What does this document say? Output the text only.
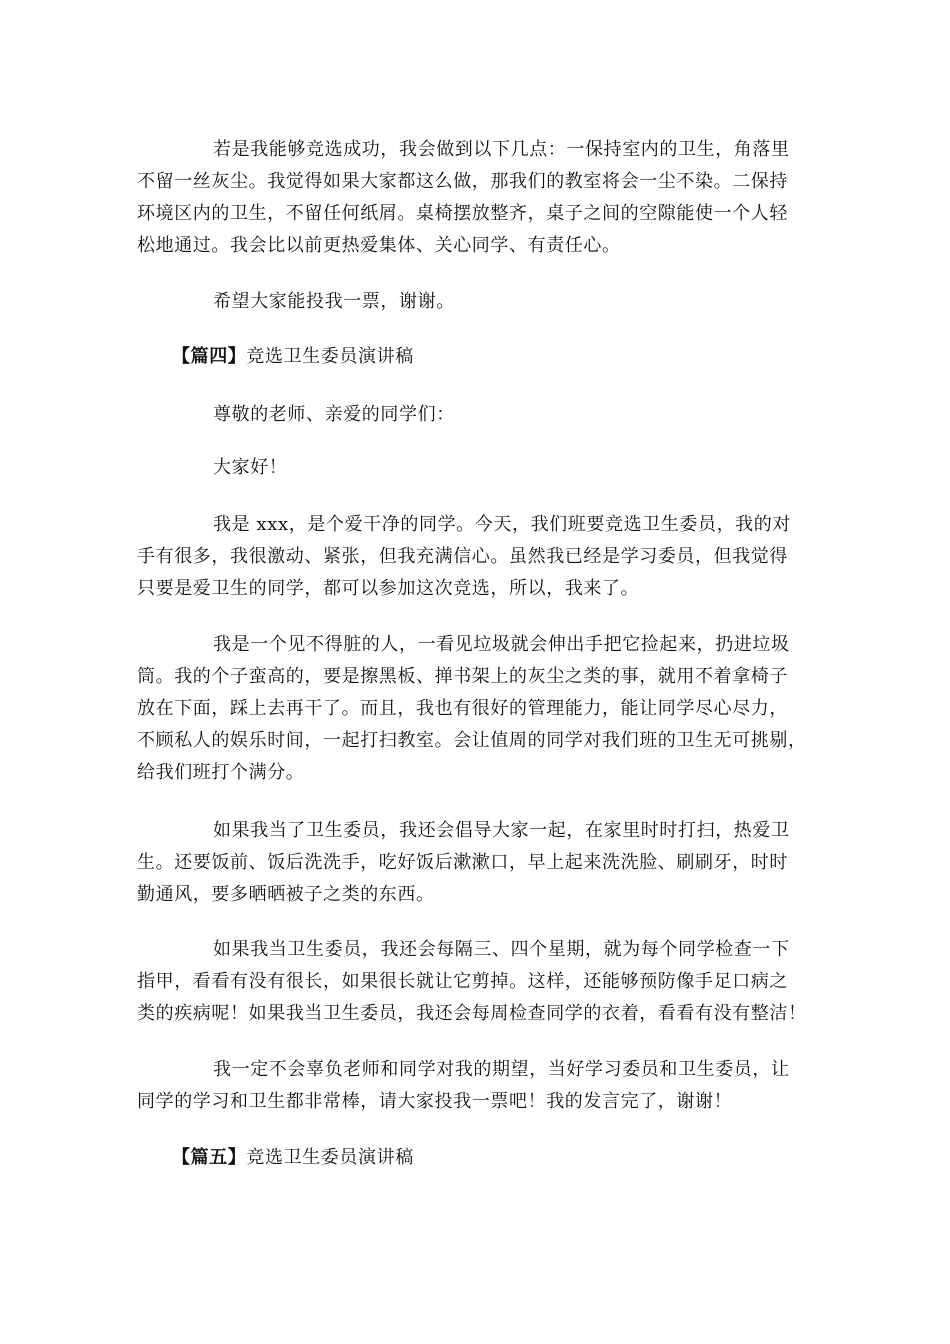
若是我能够竞选成功，我会做到以下几点：一保持室内的卫生，角落里
不留一丝灰尘。我觉得如果大家都这么做，那我们的教室将会一尘不染。二保持
环境区内的卫生，不留任何纸屑。桌椅摆放整齐，桌子之间的空隙能使一个人轻
松地通过。我会比以前更热爱集体、关心同学、有责任心。
希望大家能投我一票，谢谢。
【篇四】竞选卫生委员演讲稿
尊敬的老师、亲爱的同学们：
大家好！
我是 xxx，是个爱干净的同学。今天，我们班要竞选卫生委员，我的对
手有很多，我很激动、紧张，但我充满信心。虽然我已经是学习委员，但我觉得
只要是爱卫生的同学，都可以参加这次竞选，所以，我来了。
我是一个见不得脏的人，一看见垃圾就会伸出手把它捡起来，扔进垃圾
筒。我的个子蛮高的，要是擦黑板、掸书架上的灰尘之类的事，就用不着拿椅子
放在下面，踩上去再干了。而且，我也有很好的管理能力，能让同学尽心尽力，
不顾私人的娱乐时间，一起打扫教室。会让值周的同学对我们班的卫生无可挑剔，
给我们班打个满分。
如果我当了卫生委员，我还会倡导大家一起，在家里时时打扫，热爱卫
生。还要饭前、饭后洗洗手，吃好饭后漱漱口，早上起来洗洗脸、刷刷牙，时时
勤通风，要多晒晒被子之类的东西。
如果我当卫生委员，我还会每隔三、四个星期，就为每个同学检查一下
指甲，看看有没有很长，如果很长就让它剪掉。这样，还能够预防像手足口病之
类的疾病呢！如果我当卫生委员，我还会每周检查同学的衣着，看看有没有整洁！
我一定不会辜负老师和同学对我的期望，当好学习委员和卫生委员，让
同学的学习和卫生都非常棒，请大家投我一票吧！我的发言完了，谢谢！
【篇五】竞选卫生委员演讲稿
